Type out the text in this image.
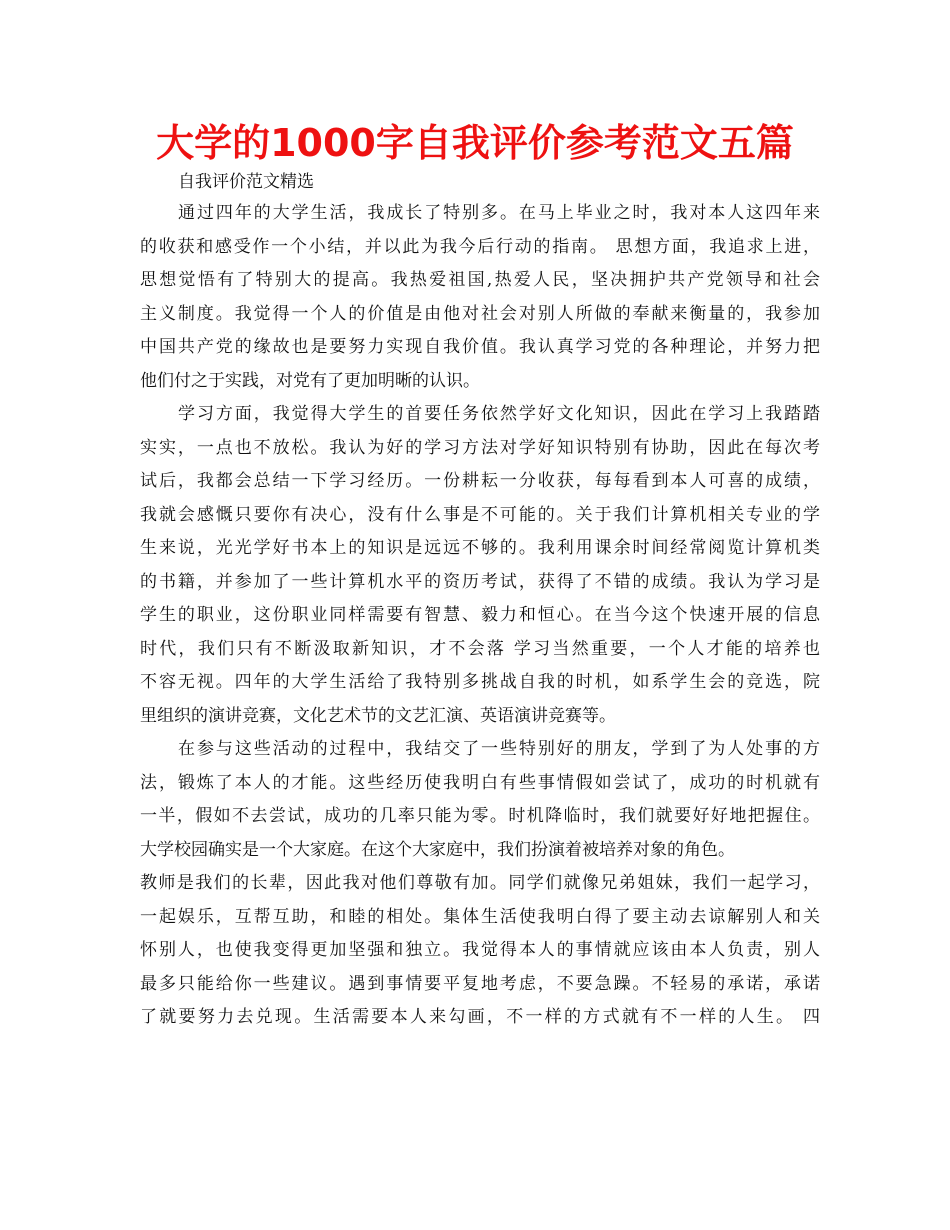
大学的1000字自我评价参考范文五篇
自我评价范文精选
通过四年的大学生活，我成长了特别多。在马上毕业之时，我对本人这四年来
的收获和感受作一个小结，并以此为我今后行动的指南。 思想方面，我追求上进，
思想觉悟有了特别大的提高。我热爱祖国,热爱人民，坚决拥护共产党领导和社会
主义制度。我觉得一个人的价值是由他对社会对别人所做的奉献来衡量的，我参加
中国共产党的缘故也是要努力实现自我价值。我认真学习党的各种理论，并努力把
他们付之于实践，对党有了更加明晰的认识。
学习方面，我觉得大学生的首要任务依然学好文化知识，因此在学习上我踏踏
实实，一点也不放松。我认为好的学习方法对学好知识特别有协助，因此在每次考
试后，我都会总结一下学习经历。一份耕耘一分收获，每每看到本人可喜的成绩，
我就会感慨只要你有决心，没有什么事是不可能的。关于我们计算机相关专业的学
生来说，光光学好书本上的知识是远远不够的。我利用课余时间经常阅览计算机类
的书籍，并参加了一些计算机水平的资历考试，获得了不错的成绩。我认为学习是
学生的职业，这份职业同样需要有智慧、毅力和恒心。在当今这个快速开展的信息
时代，我们只有不断汲取新知识，才不会落 学习当然重要，一个人才能的培养也
不容无视。四年的大学生活给了我特别多挑战自我的时机，如系学生会的竞选，院
里组织的演讲竞赛，文化艺术节的文艺汇演、英语演讲竞赛等。
在参与这些活动的过程中，我结交了一些特别好的朋友，学到了为人处事的方
法，锻炼了本人的才能。这些经历使我明白有些事情假如尝试了，成功的时机就有
一半，假如不去尝试，成功的几率只能为零。时机降临时，我们就要好好地把握住。
大学校园确实是一个大家庭。在这个大家庭中，我们扮演着被培养对象的角色。
教师是我们的长辈，因此我对他们尊敬有加。同学们就像兄弟姐妹，我们一起学习，
一起娱乐，互帮互助，和睦的相处。集体生活使我明白得了要主动去谅解别人和关
怀别人，也使我变得更加坚强和独立。我觉得本人的事情就应该由本人负责，别人
最多只能给你一些建议。遇到事情要平复地考虑，不要急躁。不轻易的承诺，承诺
了就要努力去兑现。生活需要本人来勾画，不一样的方式就有不一样的人生。 四
